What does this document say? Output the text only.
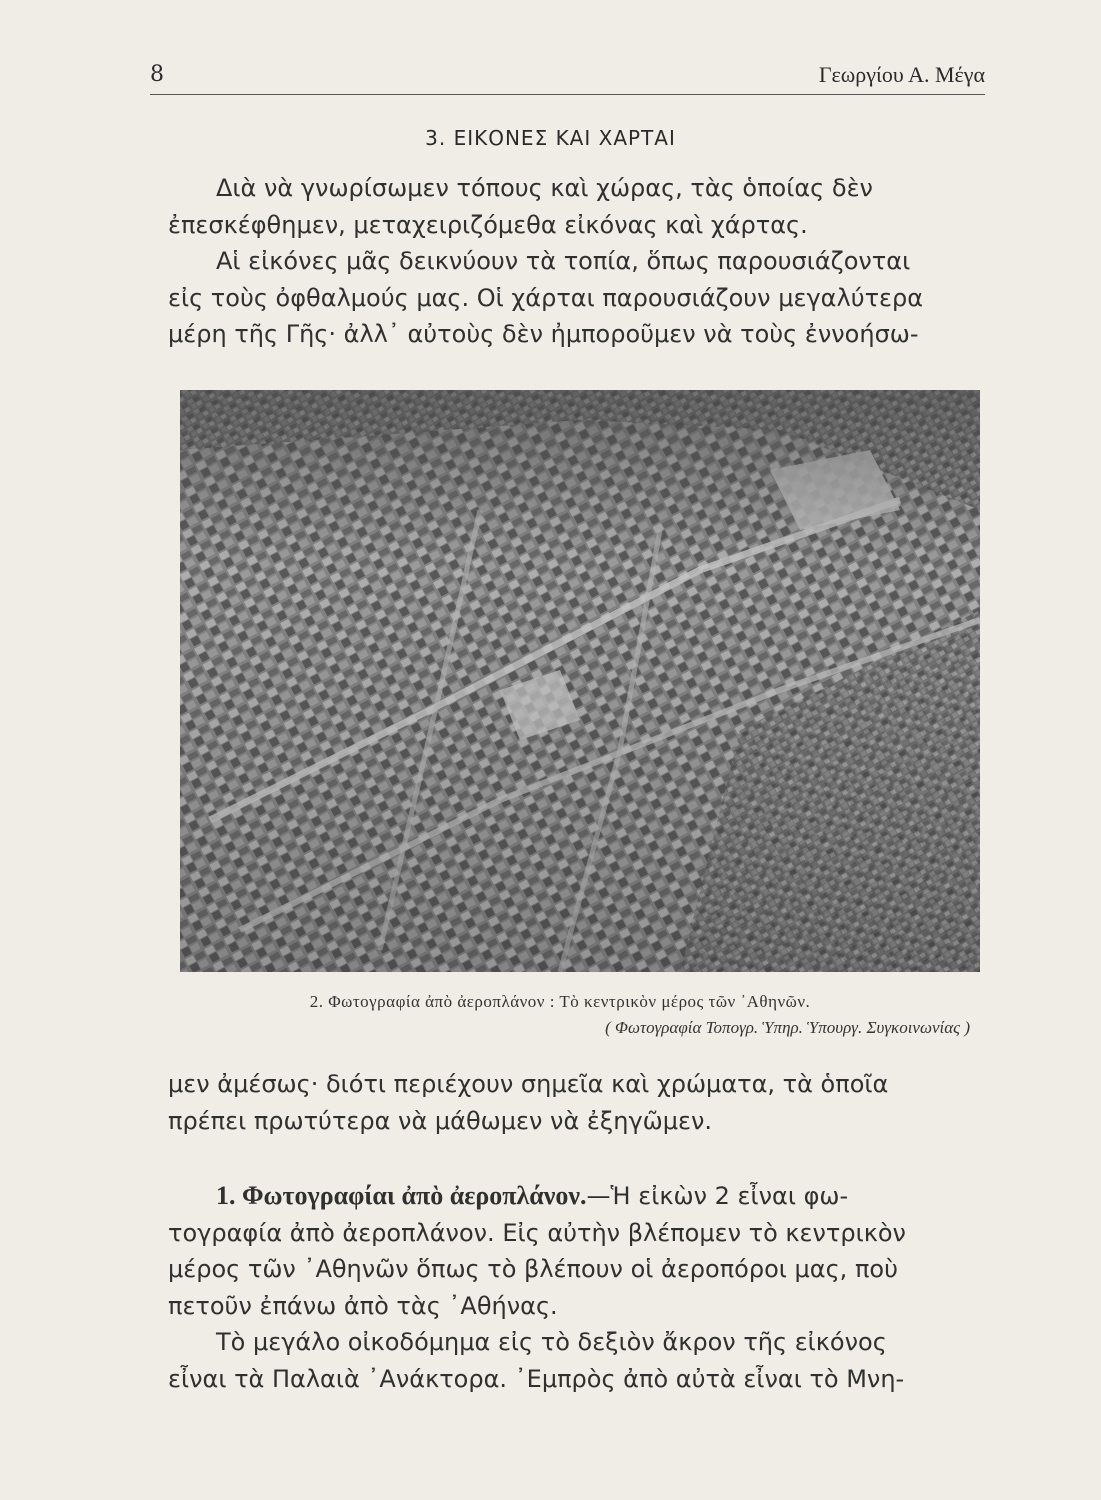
8	Γεωργίου Α. Μέγα
3. ΕΙΚΟΝΕΣ ΚΑΙ ΧΑΡΤΑΙ
Διὰ νὰ γνωρίσωμεν τόπους καὶ χώρας, τὰς ὁποίας δὲν
ἐπεσκέφθημεν, μεταχειριζόμεθα εἰκόνας καὶ χάρτας.
Αἱ εἰκόνες μᾶς δεικνύουν τὰ τοπία, ὅπως παρουσιάζονται
εἰς τοὺς ὀφθαλμούς μας. Οἱ χάρται παρουσιάζουν μεγαλύτερα
μέρη τῆς Γῆς· ἀλλ᾿ αὐτοὺς δὲν ἠμποροῦμεν νὰ τοὺς ἐννοήσω-
2. Φωτογραφία ἀπὸ ἀεροπλάνον : Τὸ κεντρικὸν μέρος τῶν ᾿Αθηνῶν.
( Φωτογραφία Τοπογρ. Ὑπηρ. Ὑπουργ. Συγκοινωνίας )
μεν ἀμέσως· διότι περιέχουν σημεῖα καὶ χρώματα, τὰ ὁποῖα
πρέπει πρωτύτερα νὰ μάθωμεν νὰ ἐξηγῶμεν.
1. Φωτογραφίαι ἀπὸ ἀεροπλάνον.—Ἡ εἰκὼν 2 εἶναι φω-
τογραφία ἀπὸ ἀεροπλάνον. Εἰς αὐτὴν βλέπομεν τὸ κεντρικὸν
μέρος τῶν ᾿Αθηνῶν ὅπως τὸ βλέπουν οἱ ἀεροπόροι μας, ποὺ
πετοῦν ἐπάνω ἀπὸ τὰς ᾿Αθήνας.
Τὸ μεγάλο οἰκοδόμημα εἰς τὸ δεξιὸν ἄκρον τῆς εἰκόνος
εἶναι τὰ Παλαιὰ ᾿Ανάκτορα. ᾿Εμπρὸς ἀπὸ αὐτὰ εἶναι τὸ Μνη-
